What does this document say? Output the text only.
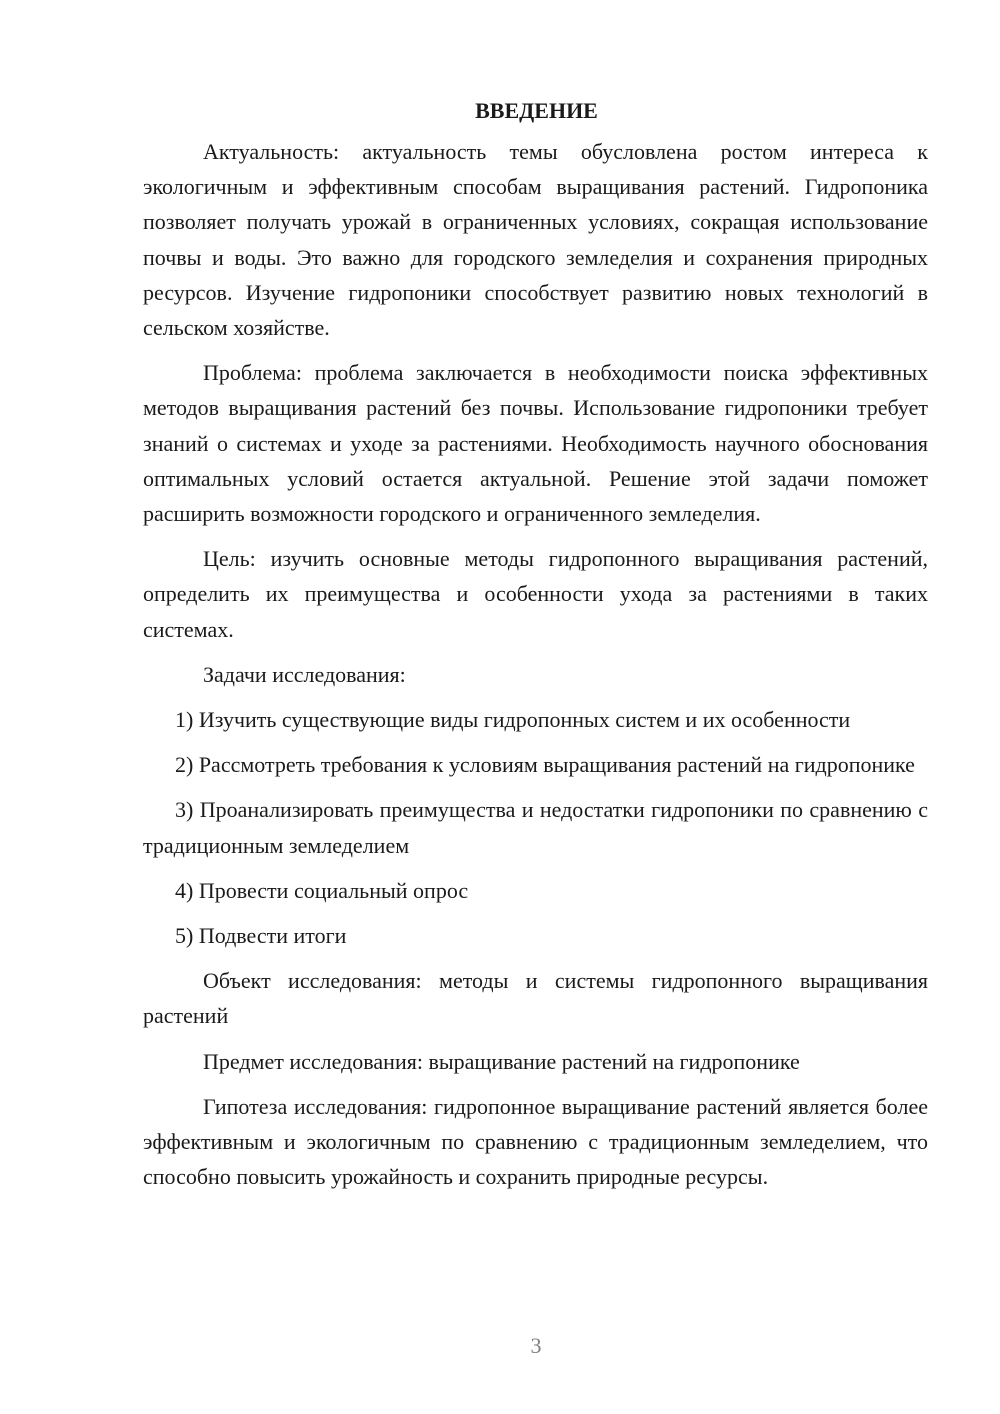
ВВЕДЕНИЕ

Актуальность: актуальность темы обусловлена ростом интереса к экологичным и эффективным способам выращивания растений. Гидропоника позволяет получать урожай в ограниченных условиях, сокращая использование почвы и воды. Это важно для городского земледелия и сохранения природных ресурсов. Изучение гидропоники способствует развитию новых технологий в сельском хозяйстве.

Проблема: проблема заключается в необходимости поиска эффективных методов выращивания растений без почвы. Использование гидропоники требует знаний о системах и уходе за растениями. Необходимость научного обоснования оптимальных условий остается актуальной. Решение этой задачи поможет расширить возможности городского и ограниченного земледелия.

Цель: изучить основные методы гидропонного выращивания растений, определить их преимущества и особенности ухода за растениями в таких системах.

Задачи исследования:

1) Изучить существующие виды гидропонных систем и их особенности

2) Рассмотреть требования к условиям выращивания растений на гидропонике

3) Проанализировать преимущества и недостатки гидропоники по сравнению с традиционным земледелием

4) Провести социальный опрос

5) Подвести итоги

Объект исследования: методы и системы гидропонного выращивания растений

Предмет исследования: выращивание растений на гидропонике

Гипотеза исследования: гидропонное выращивание растений является более эффективным и экологичным по сравнению с традиционным земледелием, что способно повысить урожайность и сохранить природные ресурсы.

3
